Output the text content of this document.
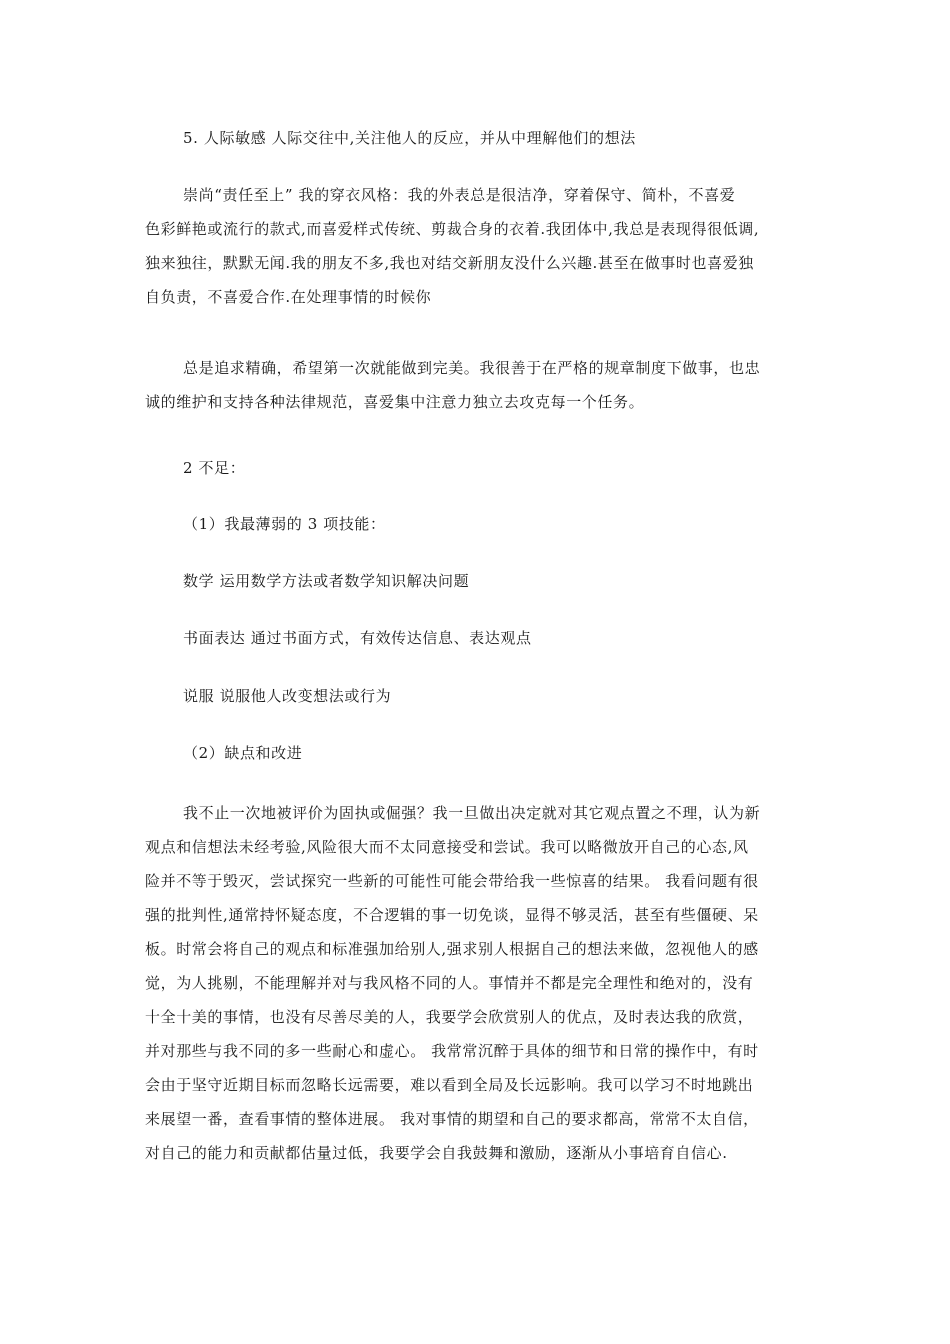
5. 人际敏感 人际交往中,关注他人的反应，并从中理解他们的想法

崇尚“责任至上” 我的穿衣风格：我的外表总是很洁净，穿着保守、简朴，不喜爱
色彩鲜艳或流行的款式,而喜爱样式传统、剪裁合身的衣着.我团体中,我总是表现得很低调,
独来独往，默默无闻.我的朋友不多,我也对结交新朋友没什么兴趣.甚至在做事时也喜爱独
自负责，不喜爱合作.在处理事情的时候你

总是追求精确，希望第一次就能做到完美。我很善于在严格的规章制度下做事，也忠
诚的维护和支持各种法律规范，喜爱集中注意力独立去攻克每一个任务。

2 不足：

（1）我最薄弱的 3 项技能：

数学 运用数学方法或者数学知识解决问题

书面表达 通过书面方式，有效传达信息、表达观点

说服 说服他人改变想法或行为

（2）缺点和改进

我不止一次地被评价为固执或倔强？我一旦做出决定就对其它观点置之不理，认为新
观点和信想法未经考验,风险很大而不太同意接受和尝试。我可以略微放开自己的心态,风
险并不等于毁灭，尝试探究一些新的可能性可能会带给我一些惊喜的结果。 我看问题有很
强的批判性,通常持怀疑态度，不合逻辑的事一切免谈，显得不够灵活，甚至有些僵硬、呆
板。时常会将自己的观点和标准强加给别人,强求别人根据自己的想法来做，忽视他人的感
觉，为人挑剔，不能理解并对与我风格不同的人。事情并不都是完全理性和绝对的，没有
十全十美的事情，也没有尽善尽美的人，我要学会欣赏别人的优点，及时表达我的欣赏，
并对那些与我不同的多一些耐心和虚心。 我常常沉醉于具体的细节和日常的操作中，有时
会由于坚守近期目标而忽略长远需要，难以看到全局及长远影响。我可以学习不时地跳出
来展望一番，查看事情的整体进展。 我对事情的期望和自己的要求都高，常常不太自信，
对自己的能力和贡献都估量过低，我要学会自我鼓舞和激励，逐渐从小事培育自信心.
